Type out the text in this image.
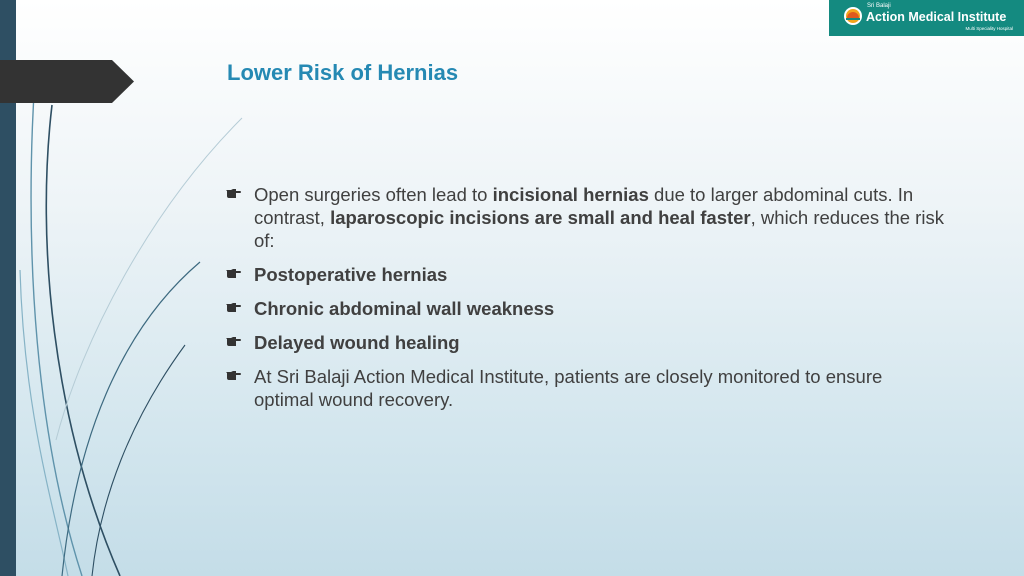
Lower Risk of Hernias
Sri Balaji
Action Medical Institute
Multi Speciality Hospital
Open surgeries often lead to incisional hernias due to larger abdominal cuts. In contrast, laparoscopic incisions are small and heal faster, which reduces the risk of:
Postoperative hernias
Chronic abdominal wall weakness
Delayed wound healing
At Sri Balaji Action Medical Institute, patients are closely monitored to ensure optimal wound recovery.
